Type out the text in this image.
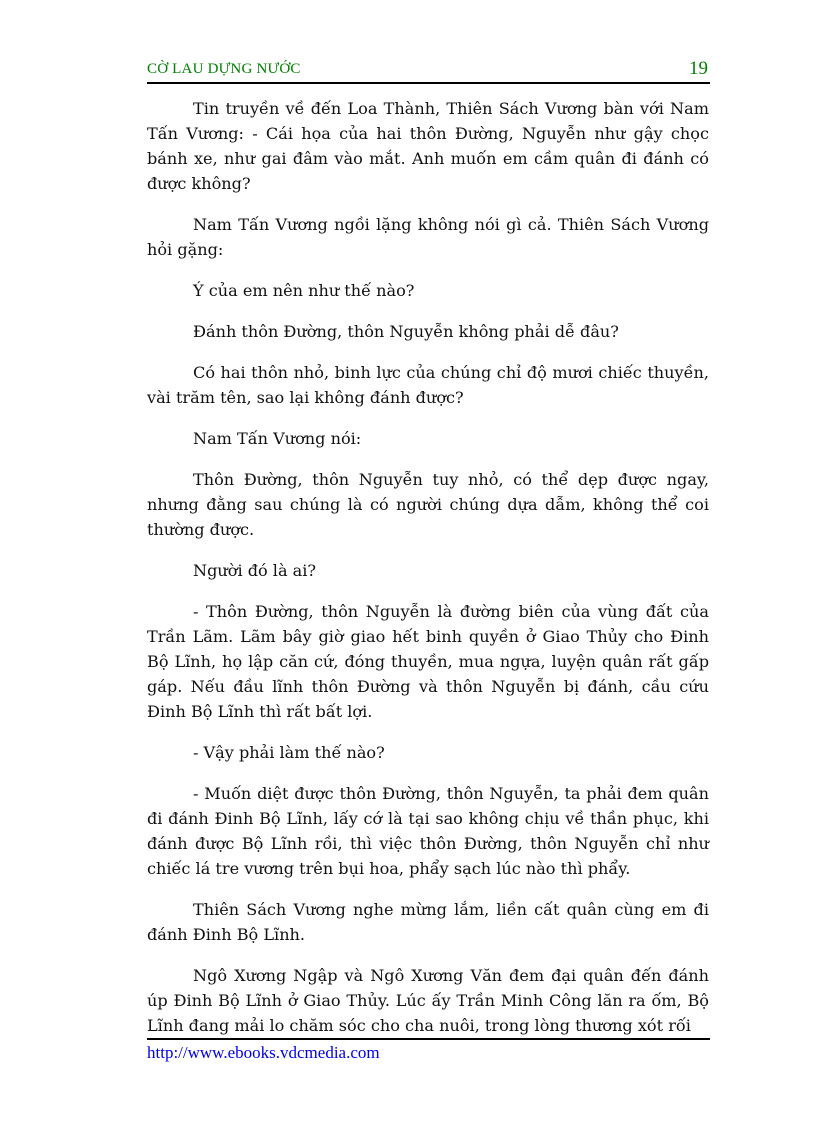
CỜ LAU DỰNG NƯỚC	19

Tin truyền về đến Loa Thành, Thiên Sách Vương bàn với Nam Tấn Vương: - Cái họa của hai thôn Đường, Nguyễn như gậy chọc bánh xe, như gai đâm vào mắt. Anh muốn em cầm quân đi đánh có được không?

Nam Tấn Vương ngồi lặng không nói gì cả. Thiên Sách Vương hỏi gặng:

Ý của em nên như thế nào?

Đánh thôn Đường, thôn Nguyễn không phải dễ đâu?

Có hai thôn nhỏ, binh lực của chúng chỉ độ mươi chiếc thuyền, vài trăm tên, sao lại không đánh được?

Nam Tấn Vương nói:

Thôn Đường, thôn Nguyễn tuy nhỏ, có thể dẹp được ngay, nhưng đằng sau chúng là có người chúng dựa dẫm, không thể coi thường được.

Người đó là ai?

- Thôn Đường, thôn Nguyễn là đường biên của vùng đất của Trần Lãm. Lãm bây giờ giao hết binh quyền ở Giao Thủy cho Đinh Bộ Lĩnh, họ lập căn cứ, đóng thuyền, mua ngựa, luyện quân rất gấp gáp. Nếu đầu lĩnh thôn Đường và thôn Nguyễn bị đánh, cầu cứu Đinh Bộ Lĩnh thì rất bất lợi.

- Vậy phải làm thế nào?

- Muốn diệt được thôn Đường, thôn Nguyễn, ta phải đem quân đi đánh Đinh Bộ Lĩnh, lấy cớ là tại sao không chịu về thần phục, khi đánh được Bộ Lĩnh rồi, thì việc thôn Đường, thôn Nguyễn chỉ như chiếc lá tre vương trên bụi hoa, phẩy sạch lúc nào thì phẩy.

Thiên Sách Vương nghe mừng lắm, liền cất quân cùng em đi đánh Đinh Bộ Lĩnh.

Ngô Xương Ngập và Ngô Xương Văn đem đại quân đến đánh úp Đinh Bộ Lĩnh ở Giao Thủy. Lúc ấy Trần Minh Công lăn ra ốm, Bộ Lĩnh đang mải lo chăm sóc cho cha nuôi, trong lòng thương xót rối

http://www.ebooks.vdcmedia.com
